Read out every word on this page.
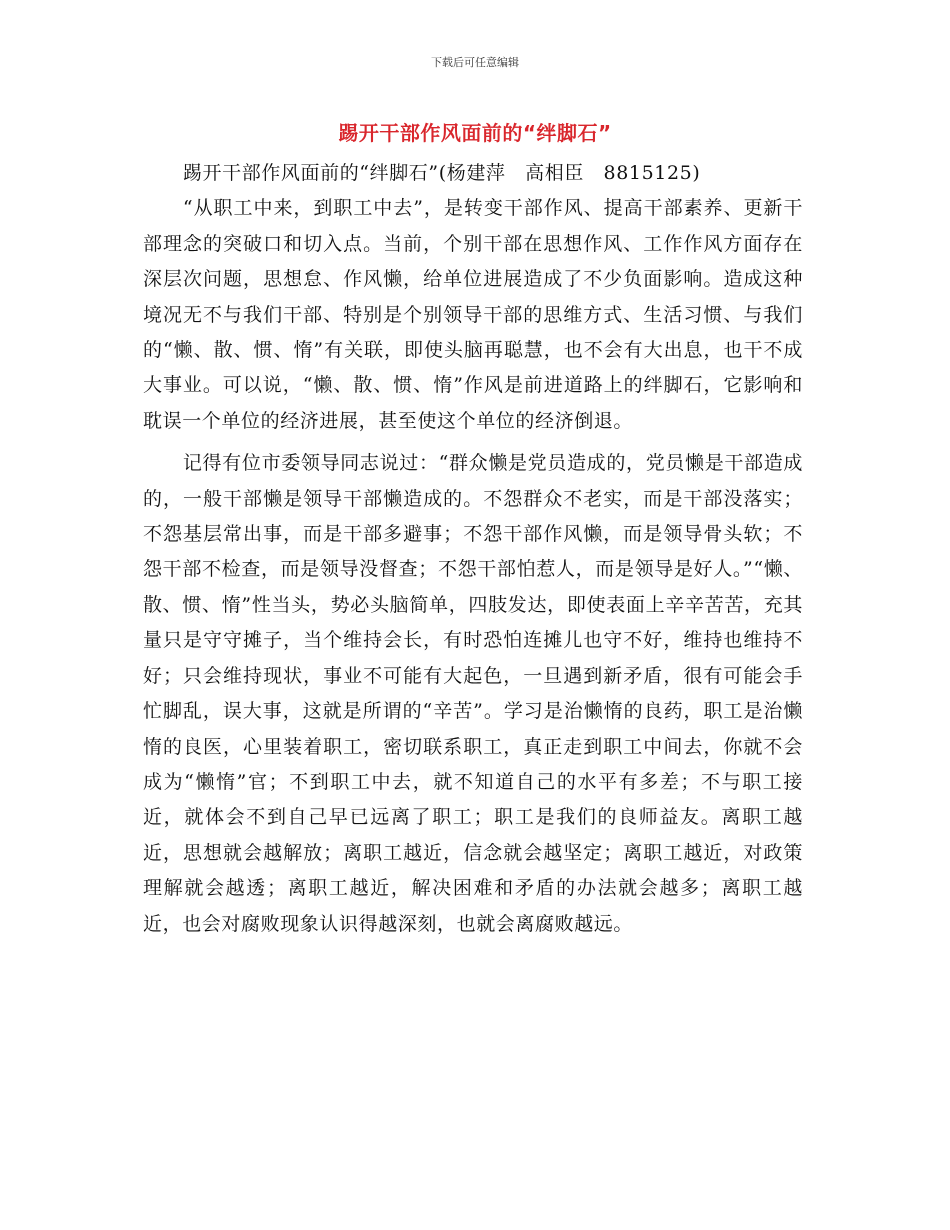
下载后可任意编辑
踢开干部作风面前的“绊脚石”

踢开干部作风面前的“绊脚石”(杨建萍　高相臣　8815125)

“从职工中来，到职工中去”，是转变干部作风、提高干部素养、更新干部理念的突破口和切入点。当前，个别干部在思想作风、工作作风方面存在深层次问题，思想怠、作风懒，给单位进展造成了不少负面影响。造成这种境况无不与我们干部、特别是个别领导干部的思维方式、生活习惯、与我们的“懒、散、惯、惰”有关联，即使头脑再聪慧，也不会有大出息，也干不成大事业。可以说，“懒、散、惯、惰”作风是前进道路上的绊脚石，它影响和耽误一个单位的经济进展，甚至使这个单位的经济倒退。

记得有位市委领导同志说过：“群众懒是党员造成的，党员懒是干部造成的，一般干部懒是领导干部懒造成的。不怨群众不老实，而是干部没落实；不怨基层常出事，而是干部多避事；不怨干部作风懒，而是领导骨头软；不怨干部不检查，而是领导没督查；不怨干部怕惹人，而是领导是好人。”“懒、散、惯、惰”性当头，势必头脑简单，四肢发达，即使表面上辛辛苦苦，充其量只是守守摊子，当个维持会长，有时恐怕连摊儿也守不好，维持也维持不好；只会维持现状，事业不可能有大起色，一旦遇到新矛盾，很有可能会手忙脚乱，误大事，这就是所谓的“辛苦”。学习是治懒惰的良药，职工是治懒惰的良医，心里装着职工，密切联系职工，真正走到职工中间去，你就不会成为“懒惰”官；不到职工中去，就不知道自己的水平有多差；不与职工接近，就体会不到自己早已远离了职工；职工是我们的良师益友。离职工越近，思想就会越解放；离职工越近，信念就会越坚定；离职工越近，对政策理解就会越透；离职工越近，解决困难和矛盾的办法就会越多；离职工越近，也会对腐败现象认识得越深刻，也就会离腐败越远。
